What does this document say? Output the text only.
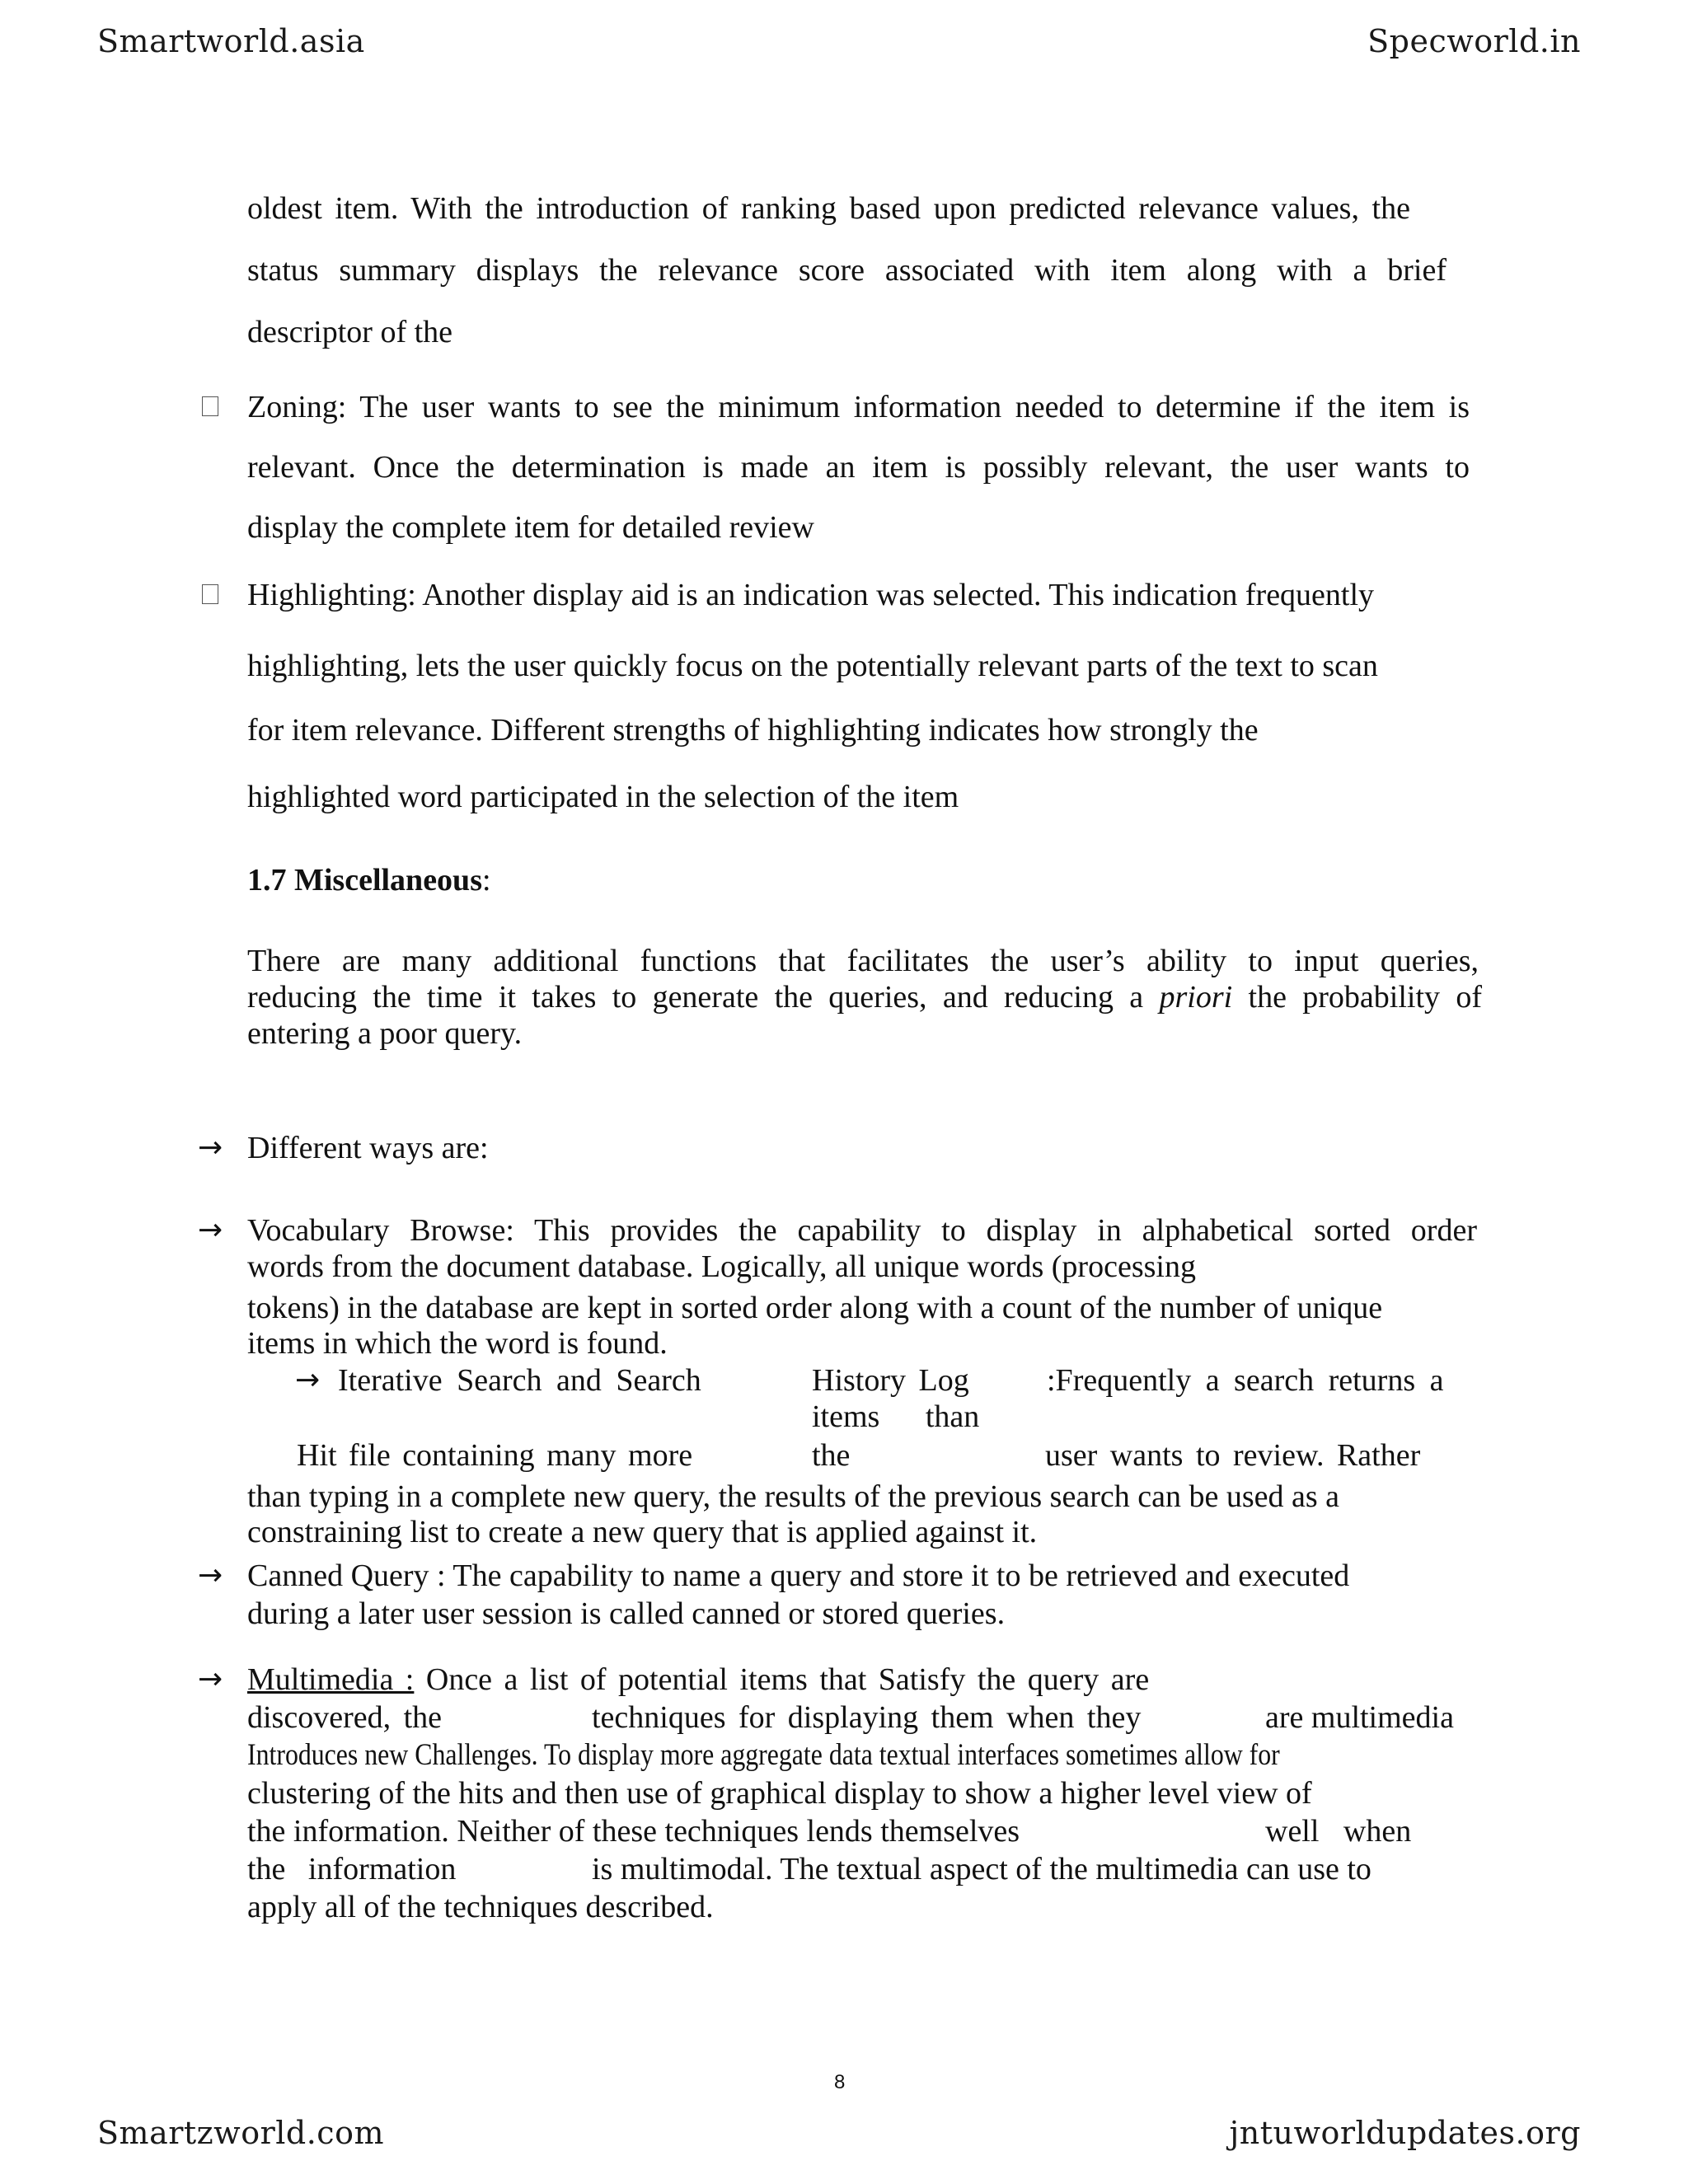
Smartworld.asia	Specworld.in
oldest item. With the introduction of ranking based upon predicted relevance values, the
status summary displays the relevance score associated with item along with a brief
descriptor of the
Zoning: The user wants to see the minimum information needed to determine if the item is
relevant. Once the determination is made an item is possibly relevant, the user wants to
display the complete item for detailed review
Highlighting: Another display aid is an indication was selected. This indication frequently
highlighting, lets the user quickly focus on the potentially relevant parts of the text to scan
for item relevance. Different strengths of highlighting indicates how strongly the
highlighted word participated in the selection of the item
1.7 Miscellaneous:
There are many additional functions that facilitates the user’s ability to input queries,
reducing the time it takes to generate the queries, and reducing a priori the probability of
entering a poor query.
→ Different ways are:
→ Vocabulary Browse: This provides the capability to display in alphabetical sorted order
words from the document database. Logically, all unique words (processing
tokens) in the database are kept in sorted order along with a count of the number of unique
items in which the word is found.
→ Iterative Search and Search	History Log :Frequently a search returns a
items than
Hit file containing many more	the	user wants to review. Rather
than typing in a complete new query, the results of the previous search can be used as a
constraining list to create a new query that is applied against it.
→ Canned Query : The capability to name a query and store it to be retrieved and executed
during a later user session is called canned or stored queries.
→ Multimedia : Once a list of potential items that Satisfy the query are
discovered, the	techniques for displaying them when they	are multimedia
Introduces new Challenges. To display more aggregate data textual interfaces sometimes allow for
clustering of the hits and then use of graphical display to show a higher level view of
the information. Neither of these techniques lends themselves	well when
the information	is multimodal. The textual aspect of the multimedia can use to
apply all of the techniques described.
8
Smartzworld.com	jntuworldupdates.org
